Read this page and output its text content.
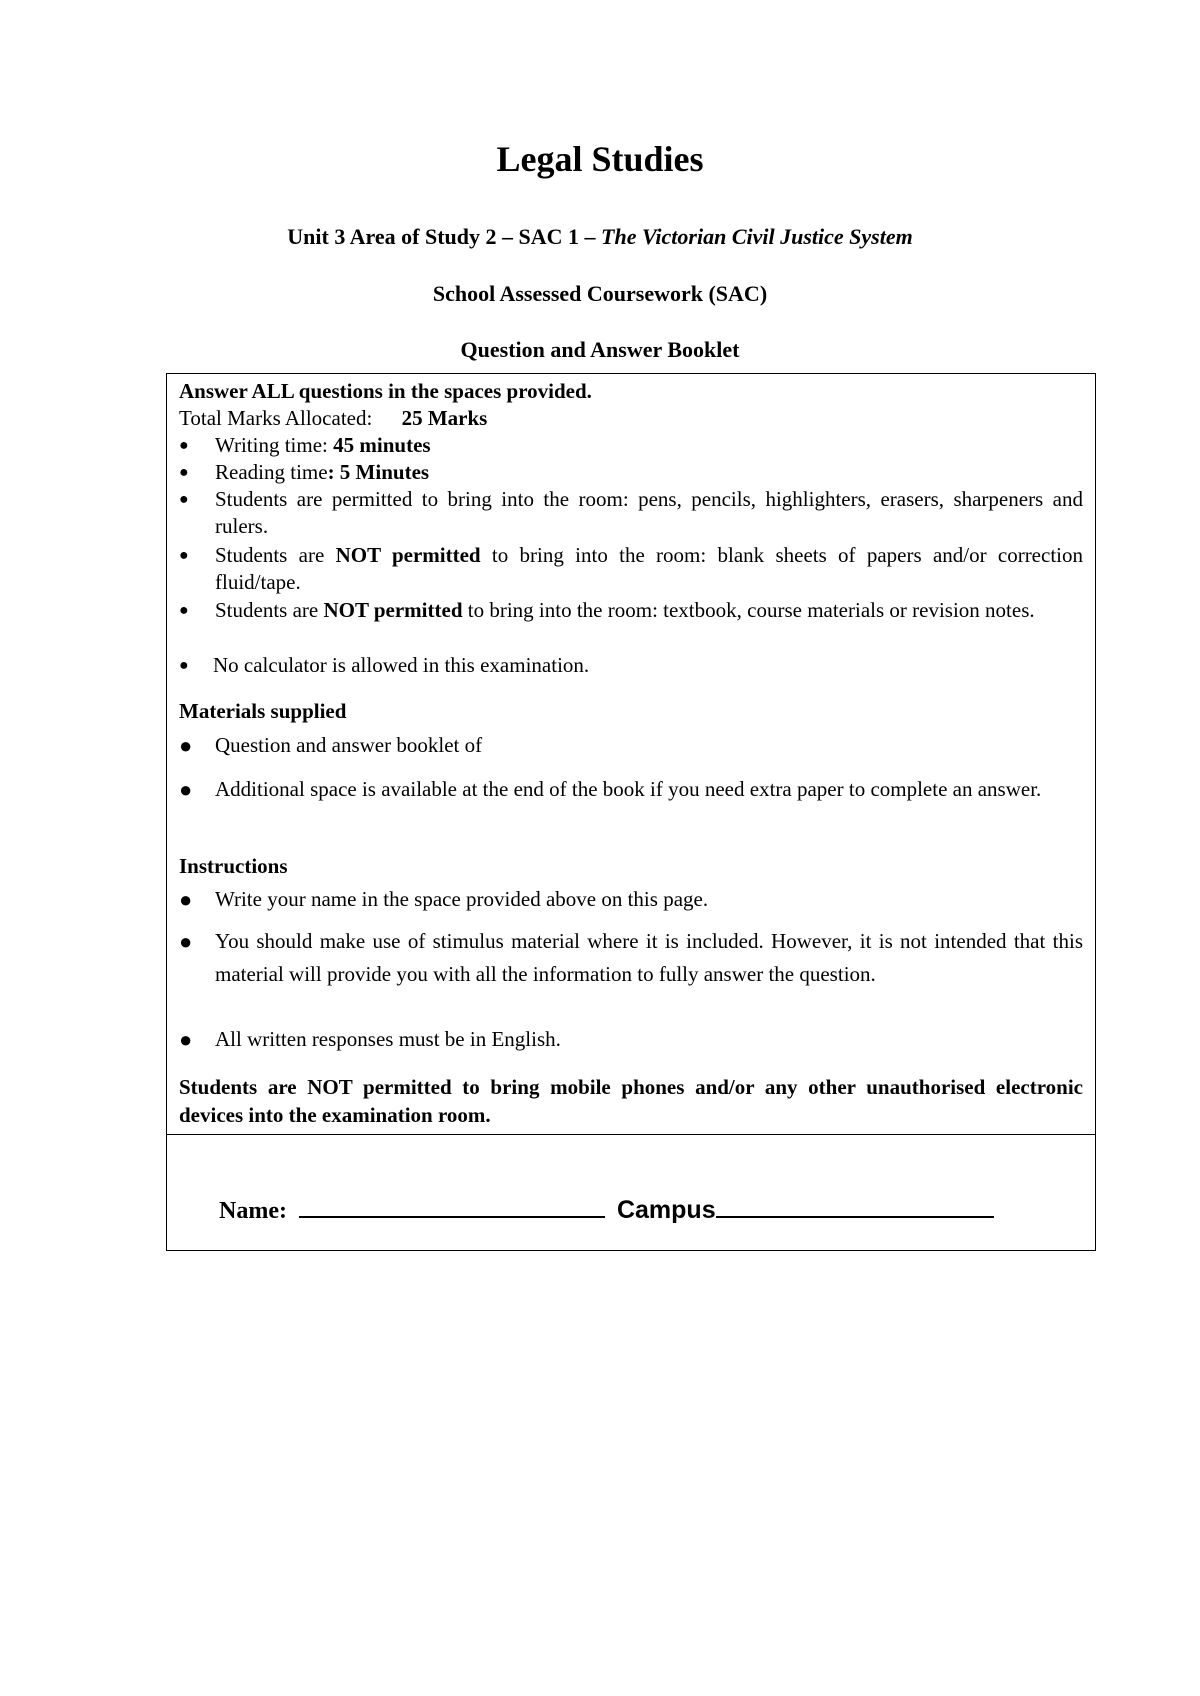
Legal Studies
Unit 3 Area of Study 2 – SAC 1 – The Victorian Civil Justice System
School Assessed Coursework (SAC)
Question and Answer Booklet
Answer ALL questions in the spaces provided.
Total Marks Allocated: 25 Marks
●	Writing time: 45 minutes
●	Reading time: 5 Minutes
●	Students are permitted to bring into the room: pens, pencils, highlighters, erasers, sharpeners and rulers.
●	Students are NOT permitted to bring into the room: blank sheets of papers and/or correction fluid/tape.
●	Students are NOT permitted to bring into the room: textbook, course materials or revision notes.
●	No calculator is allowed in this examination.
Materials supplied
●	Question and answer booklet of
●	Additional space is available at the end of the book if you need extra paper to complete an answer.
Instructions
●	Write your name in the space provided above on this page.
●	You should make use of stimulus material where it is included. However, it is not intended that this material will provide you with all the information to fully answer the question.
●	All written responses must be in English.
Students are NOT permitted to bring mobile phones and/or any other unauthorised electronic devices into the examination room.
Name:	Campus
